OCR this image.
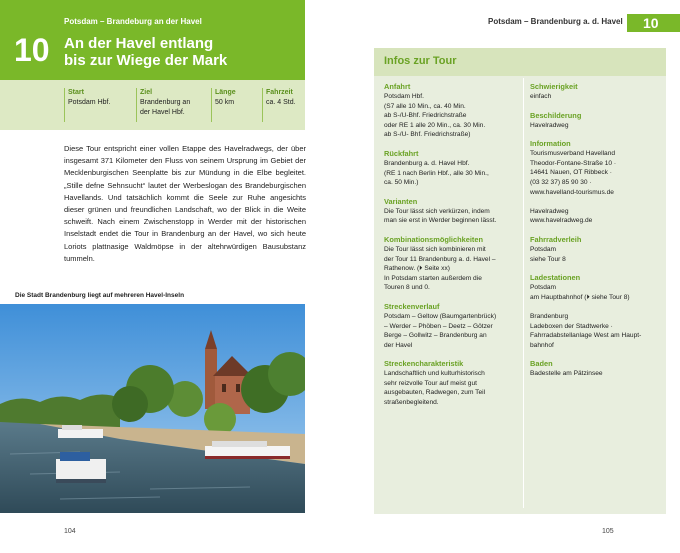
Potsdam – Brandeburg an der Havel
10 An der Havel entlang
bis zur Wiege der Mark
Start
Potsdam Hbf.
Ziel
Brandenburg an
der Havel Hbf.
Länge
50 km
Fahrzeit
ca. 4 Std.
Diese Tour entspricht einer vollen Etappe des Havelradwegs, der über insgesamt 371 Kilometer den Fluss von seinem Ursprung im Gebiet der Mecklenburgischen Seenplatte bis zur Mündung in die Elbe begleitet. „Stille defne Sehnsucht“ lautet der Werbeslogan des Brandeburgischen Havellands. Und tatsächlich kommt die Seele zur Ruhe angesichts dieser grünen und freundlichen Landschaft, wo der Blick in die Weite schweift. Nach einem Zwischenstopp in Werder mit der historischen Inselstadt endet die Tour in Brandenburg an der Havel, wo sich heute Loriots plattnasige Waldmöpse in der altehrwürdigen Bausubstanz tummeln.
Die Stadt Brandenburg liegt auf mehreren Havel-Inseln
104
Potsdam – Brandenburg a. d. Havel	10
Infos zur Tour
Anfahrt
Potsdam Hbf.
(S7 alle 10 Min., ca. 40 Min.
ab S-/U-Bhf. Friedrichstraße
oder RE 1 alle 20 Min., ca. 30 Min.
ab S-/U- Bhf. Friedrichstraße)
Rückfahrt
Brandenburg a. d. Havel Hbf.
(RE 1 nach Berlin Hbf., alle 30 Min.,
ca. 50 Min.)
Varianten
Die Tour lässt sich verkürzen, indem
man sie erst in Werder beginnen lässt.
Kombinationsmöglichkeiten
Die Tour lässt sich kombinieren mit
der Tour 11 Brandenburg a. d. Havel –
Rathenow. (⏵ Seite xx)
In Potsdam starten außerdem die
Touren 8 und 0.
Streckenverlauf
Potsdam – Geltow (Baumgartenbrück)
– Werder – Phöben – Deetz – Götzer
Berge – Gollwitz – Brandenburg an
der Havel
Streckencharakteristik
Landschaftlich und kulturhistorisch
sehr reizvolle Tour auf meist gut
ausgebauten, Radwegen, zum Teil
straßenbegleitend.
Schwierigkeit
einfach
Beschilderung
Havelradweg
Information
Tourismusverband Havelland
Theodor-Fontane-Straße 10 ·
14641 Nauen, OT Ribbeck ·
(03 32 37) 85 90 30 ·
www.havelland-tourismus.de
Havelradweg
www.havelradweg.de
Fahrradverleih
Potsdam
siehe Tour 8
Ladestationen
Potsdam
am Hauptbahnhof (⏵ siehe Tour 8)
Brandenburg
Ladeboxen der Stadtwerke ·
Fahrradabstellanlage West am Haupt-
bahnhof
Baden
Badestelle am Pätzinsee
105
